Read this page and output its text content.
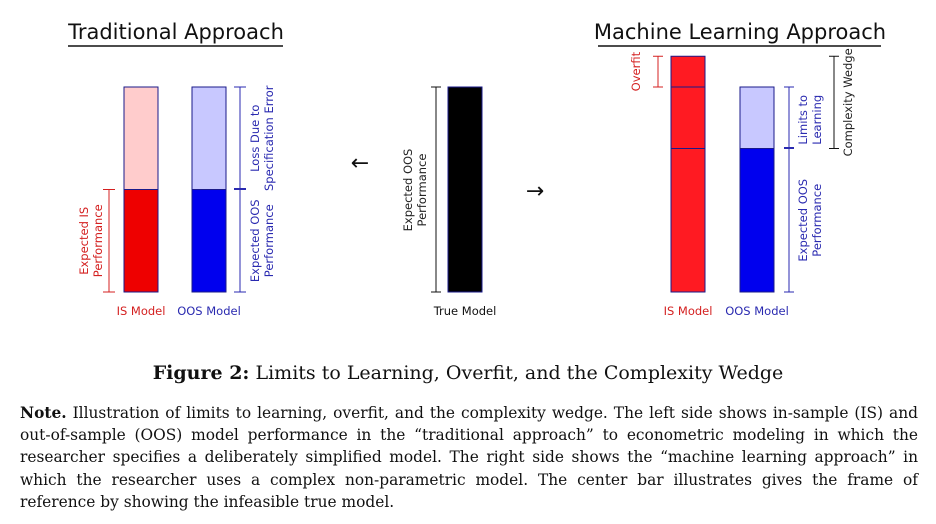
Traditional Approach
IS Model OOS Model
Expected IS Performance	Expected OOS Performance
Loss Due to Specification Error
True Model
Expected OOS Performance
←
→
Machine Learning Approach
IS Model OOS Model
Overfit
Limits to Learning
Expected OOS Performance
Complexity Wedge
Figure 2: Limits to Learning, Overfit, and the Complexity Wedge
Note. Illustration of limits to learning, overfit, and the complexity wedge. The left side shows in-sample (IS) and out-of-sample (OOS) model performance in the “traditional approach” to econometric modeling in which the researcher specifies a deliberately simplified model. The right side shows the “machine learning approach” in which the researcher uses a complex non-parametric model. The center bar illustrates gives the frame of reference by showing the infeasible true model.
